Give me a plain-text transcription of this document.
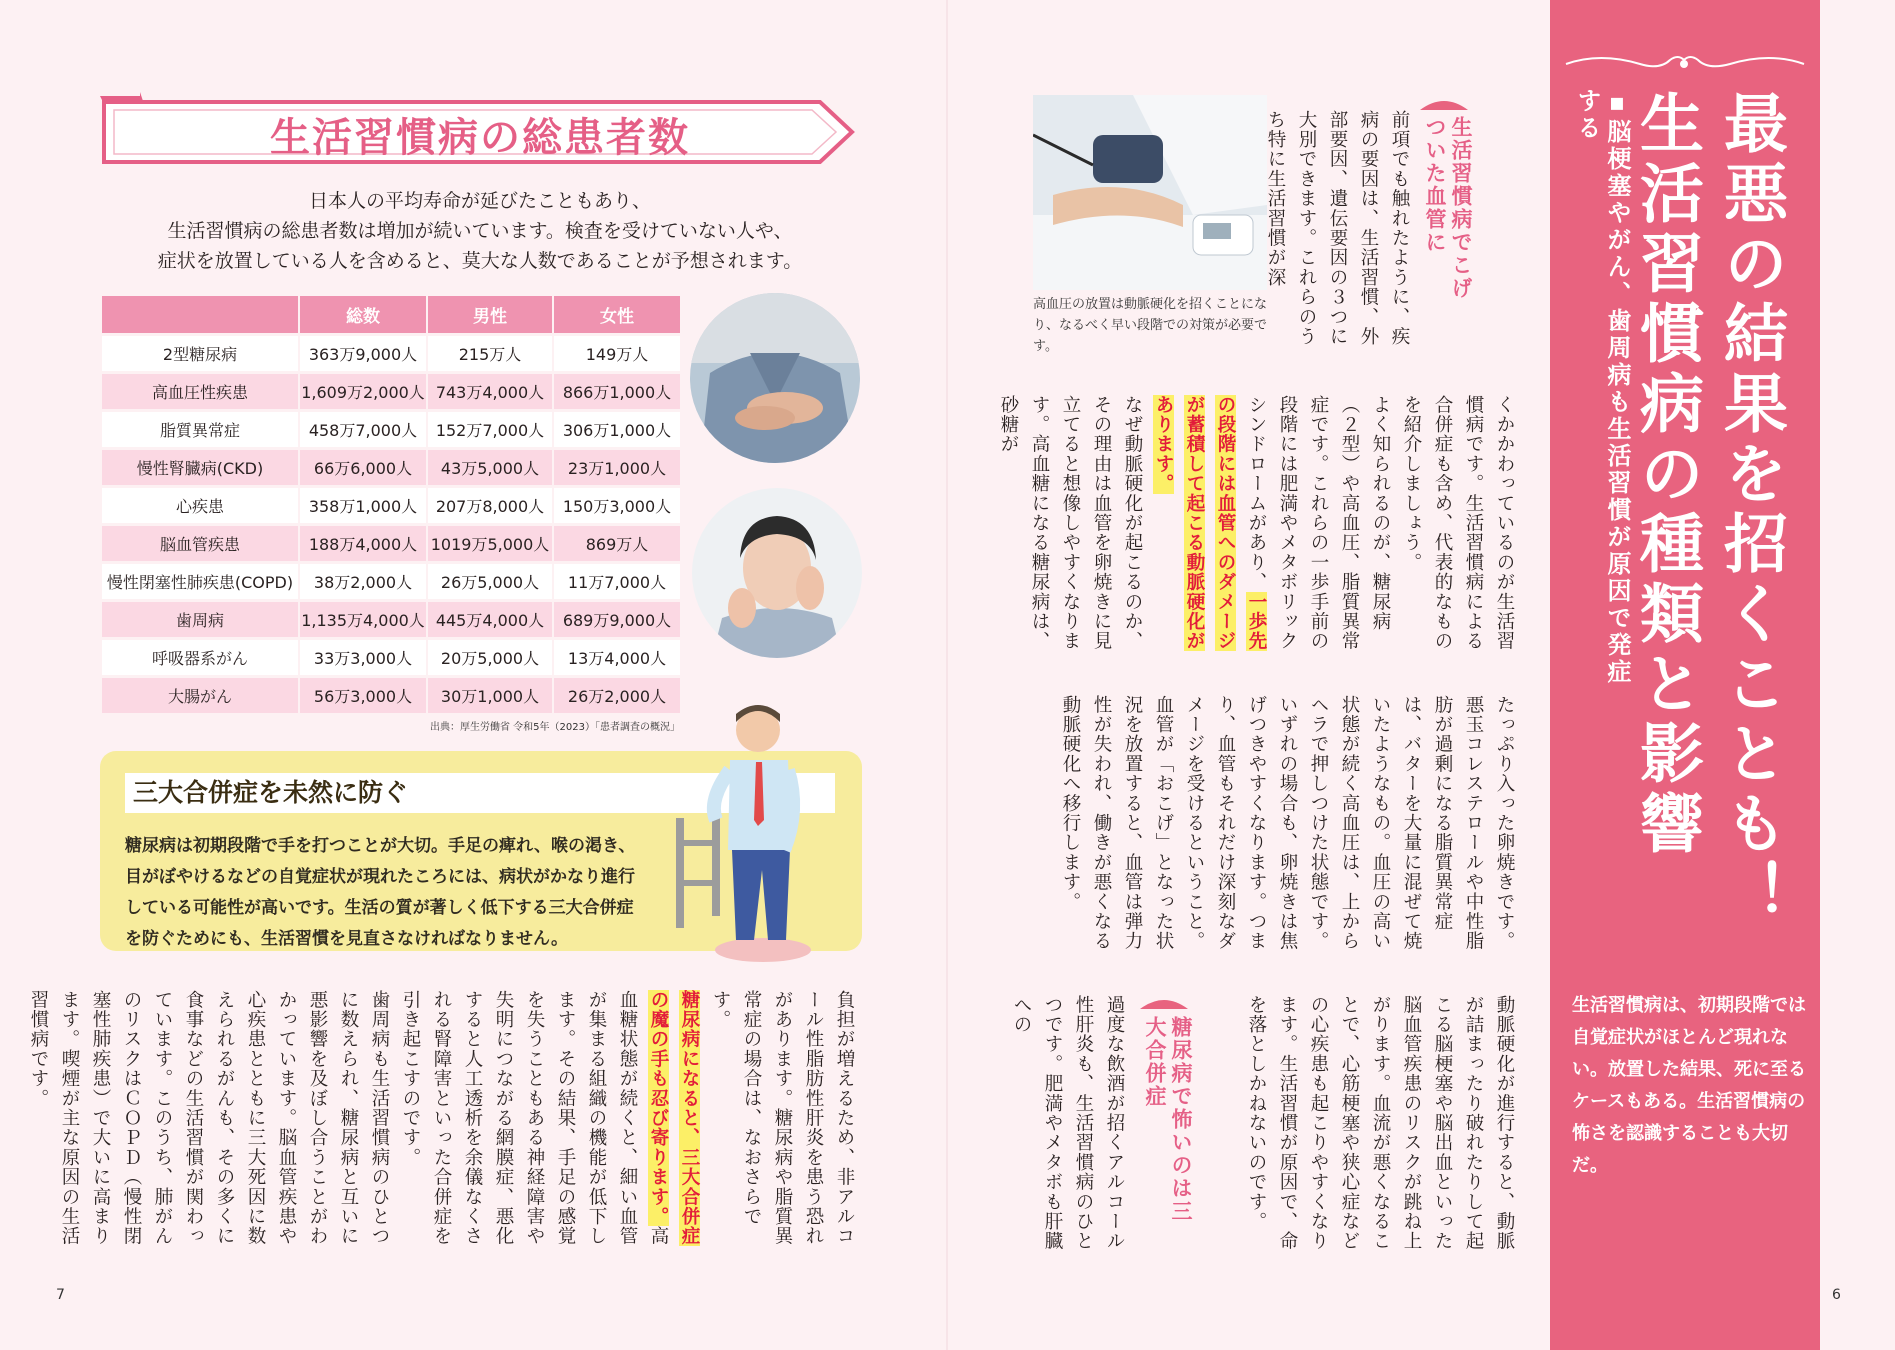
生活習慣病の総患者数

日本人の平均寿命が延びたこともあり、

生活習慣病の総患者数は増加が続いています。検査を受けていない人や、

症状を放置している人を含めると、莫大な人数であることが予想されます。

	総数	男性	女性
2型糖尿病	363万9,000人	215万人	149万人
高血圧性疾患	1,609万2,000人	743万4,000人	866万1,000人
脂質異常症	458万7,000人	152万7,000人	306万1,000人
慢性腎臓病(CKD)	66万6,000人	43万5,000人	23万1,000人
心疾患	358万1,000人	207万8,000人	150万3,000人
脳血管疾患	188万4,000人	1019万5,000人	869万人
慢性閉塞性肺疾患(COPD)	38万2,000人	26万5,000人	11万7,000人
歯周病	1,135万4,000人	445万4,000人	689万9,000人
呼吸器系がん	33万3,000人	20万5,000人	13万4,000人
大腸がん	56万3,000人	30万1,000人	26万2,000人
出典：厚生労働省 令和5年（2023）「患者調査の概況」
三大合併症を未然に防ぐ
糖尿病は初期段階で手を打つことが大切。手足の痺れ、喉の渇き、
目がぼやけるなどの自覚症状が現れたころには、病状がかなり進行
している可能性が高いです。生活の質が著しく低下する三大合併症
を防ぐためにも、生活習慣を見直さなければなりません。
負担が増えるため、非アルコール性脂肪性肝炎を患う恐れがあります。糖尿病や脂質異常症の場合は、なおさらです。
糖尿病になると、三大合併症の魔の手も忍び寄ります。高血糖状態が続くと、細い血管が集まる組織の機能が低下します。その結果、手足の感覚を失うこともある神経障害や失明につながる網膜症、悪化すると人工透析を余儀なくされる腎障害といった合併症を引き起こすのです。
歯周病も生活習慣病のひとつに数えられ、糖尿病と互いに悪影響を及ぼし合うことがわかっています。脳血管疾患や心疾患とともに三大死因に数えられるがんも、その多くに食事などの生活習慣が関わっています。このうち、肺がんのリスクはＣＯＰＤ（慢性閉塞性肺疾患）で大いに高まります。喫煙が主な原因の生活習慣病です。
7
高血圧の放置は動脈硬化を招くことになり、なるべく早い段階での対策が必要です。
生活習慣病でこげついた血管に
前項でも触れたように、疾病の要因は、生活習慣、外部要因、遺伝要因の３つに大別できます。これらのうち特に生活習慣が深
くかかわっているのが生活習慣病です。生活習慣病による合併症も含め、代表的なものを紹介しましょう。
よく知られるのが、糖尿病（２型）や高血圧、脂質異常症です。これらの一歩手前の段階には肥満やメタボリックシンドロームがあり、一歩先の段階には血管へのダメージが蓄積して起こる動脈硬化があります。
なぜ動脈硬化が起こるのか、その理由は血管を卵焼きに見立てると想像しやすくなります。高血糖になる糖尿病は、砂糖が
たっぷり入った卵焼きです。悪玉コレステロールや中性脂肪が過剰になる脂質異常症は、バターを大量に混ぜて焼いたようなもの。血圧の高い状態が続く高血圧は、上からヘラで押しつけた状態です。
いずれの場合も、卵焼きは焦げつきやすくなります。つまり、血管もそれだけ深刻なダメージを受けるということ。血管が「おこげ」となった状況を放置すると、血管は弾力性が失われ、働きが悪くなる動脈硬化へ移行します。
動脈硬化が進行すると、動脈が詰まったり破れたりして起こる脳梗塞や脳出血といった脳血管疾患のリスクが跳ね上がります。血流が悪くなることで、心筋梗塞や狭心症などの心疾患も起こりやすくなります。生活習慣が原因で、命を落としかねないのです。
糖尿病で怖いのは三大合併症
過度な飲酒が招くアルコール性肝炎も、生活習慣病のひとつです。肥満やメタボも肝臓への
最悪の結果を招くことも！
生活習慣病の種類と影響
▪脳梗塞やがん、歯周病も生活習慣が原因で発症する
生活習慣病は、初期段階では自覚症状がほとんど現れない。放置した結果、死に至るケースもある。生活習慣病の怖さを認識することも大切だ。
6
